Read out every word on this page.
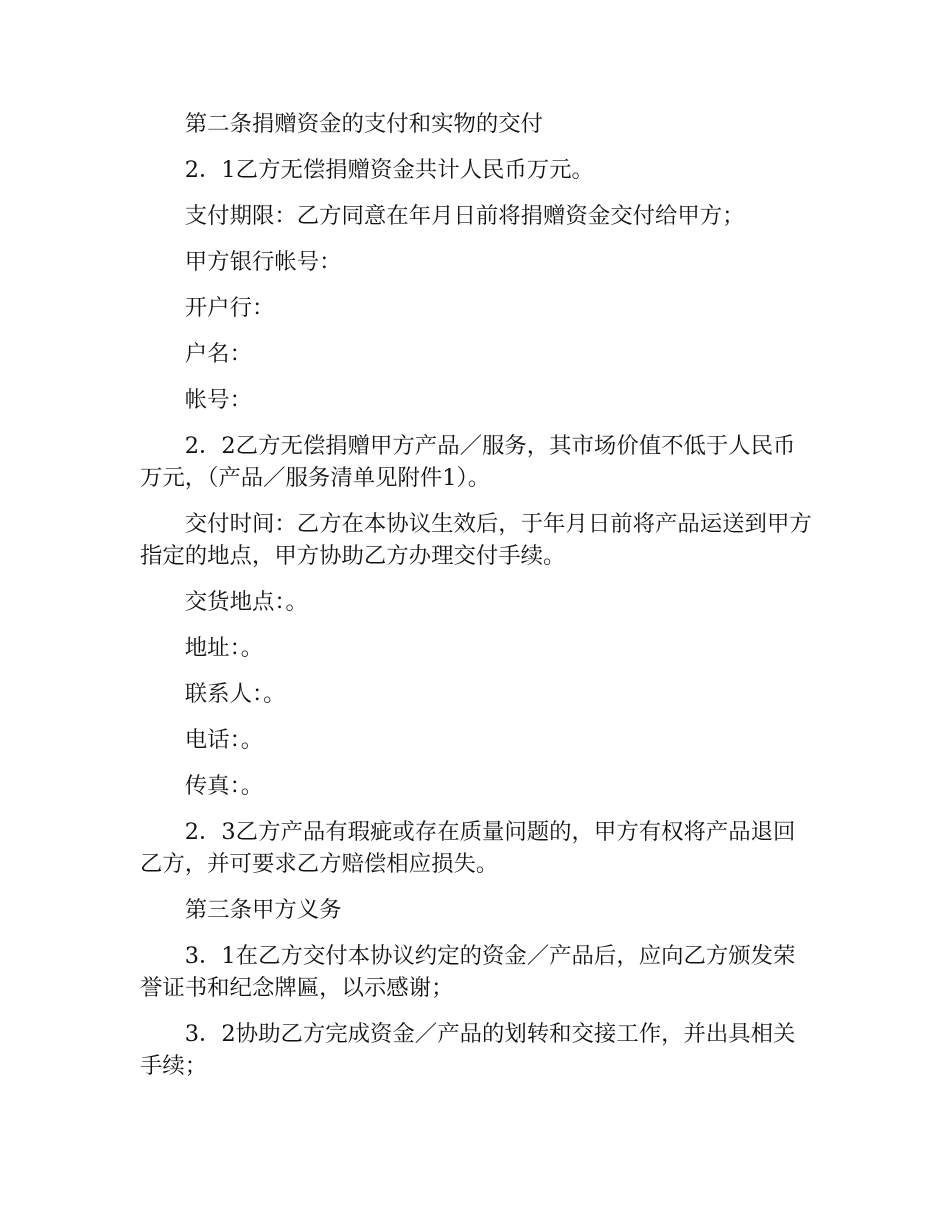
第二条捐赠资金的支付和实物的交付

2．1乙方无偿捐赠资金共计人民币万元。

支付期限：乙方同意在年月日前将捐赠资金交付给甲方；

甲方银行帐号：

开户行：

户名：

帐号：

2．2乙方无偿捐赠甲方产品／服务，其市场价值不低于人民币万元，（产品／服务清单见附件1）。

交付时间：乙方在本协议生效后，于年月日前将产品运送到甲方指定的地点，甲方协助乙方办理交付手续。

交货地点：。

地址：。

联系人：。

电话：。

传真：。

2．3乙方产品有瑕疵或存在质量问题的，甲方有权将产品退回乙方，并可要求乙方赔偿相应损失。

第三条甲方义务

3．1在乙方交付本协议约定的资金／产品后，应向乙方颁发荣誉证书和纪念牌匾，以示感谢；

3．2协助乙方完成资金／产品的划转和交接工作，并出具相关手续；
